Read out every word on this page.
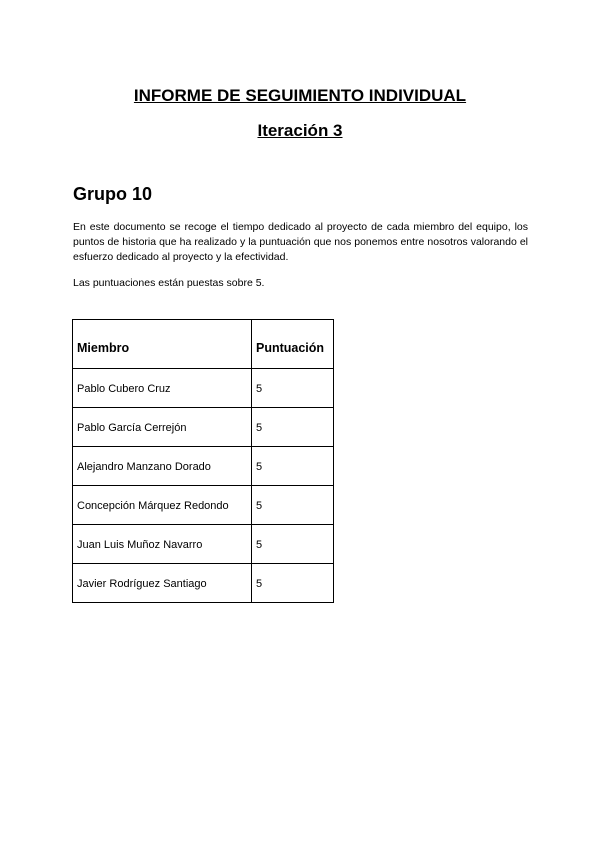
INFORME DE SEGUIMIENTO INDIVIDUAL
Iteración 3
Grupo 10
En este documento se recoge el tiempo dedicado al proyecto de cada miembro del equipo, los puntos de historia que ha realizado y la puntuación que nos ponemos entre nosotros valorando el esfuerzo dedicado al proyecto y la efectividad.
Las puntuaciones están puestas sobre 5.
Miembro	Puntuación
Pablo Cubero Cruz	5
Pablo García Cerrejón	5
Alejandro Manzano Dorado	5
Concepción Márquez Redondo	5
Juan Luis Muñoz Navarro	5
Javier Rodríguez Santiago	5
